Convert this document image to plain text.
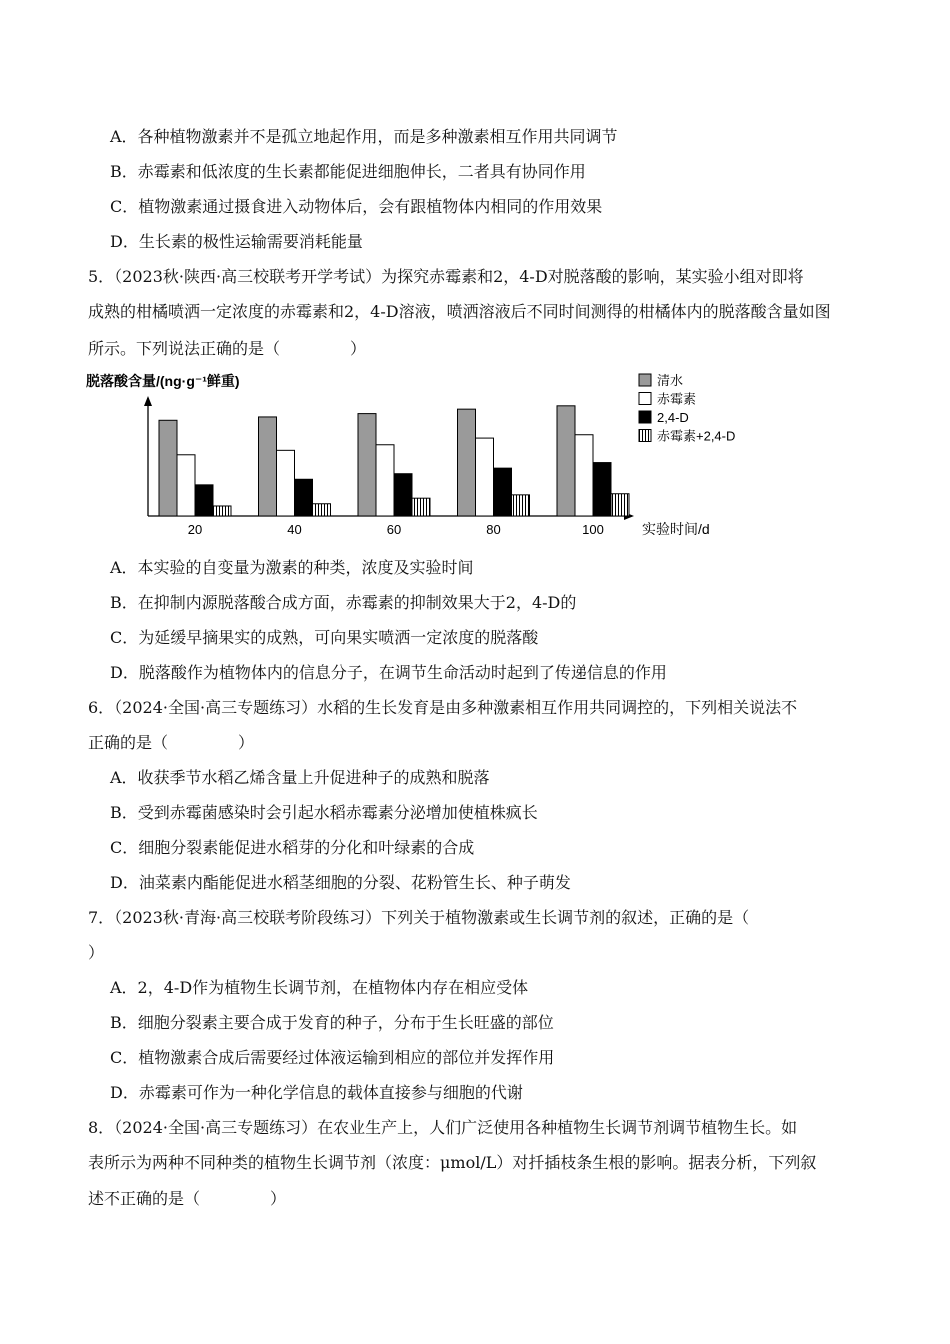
A．各种植物激素并不是孤立地起作用，而是多种激素相互作用共同调节
B．赤霉素和低浓度的生长素都能促进细胞伸长，二者具有协同作用
C．植物激素通过摄食进入动物体后，会有跟植物体内相同的作用效果
D．生长素的极性运输需要消耗能量
5．（2023秋·陕西·高三校联考开学考试）为探究赤霉素和2，4-D对脱落酸的影响，某实验小组对即将
成熟的柑橘喷洒一定浓度的赤霉素和2，4-D溶液，喷洒溶液后不同时间测得的柑橘体内的脱落酸含量如图
所示。下列说法正确的是（	）
20	40	60	80	100
清水
赤霉素
2,4-D
赤霉素+2,4-D
脱落酸含量/(ng·g⁻¹鲜重)
实验时间/d
A．本实验的自变量为激素的种类，浓度及实验时间
B．在抑制内源脱落酸合成方面，赤霉素的抑制效果大于2，4-D的
C．为延缓早摘果实的成熟，可向果实喷洒一定浓度的脱落酸
D．脱落酸作为植物体内的信息分子，在调节生命活动时起到了传递信息的作用
6．（2024·全国·高三专题练习）水稻的生长发育是由多种激素相互作用共同调控的，下列相关说法不
正确的是（	）
A．收获季节水稻乙烯含量上升促进种子的成熟和脱落
B．受到赤霉菌感染时会引起水稻赤霉素分泌增加使植株疯长
C．细胞分裂素能促进水稻芽的分化和叶绿素的合成
D．油菜素内酯能促进水稻茎细胞的分裂、花粉管生长、种子萌发
7．（2023秋·青海·高三校联考阶段练习）下列关于植物激素或生长调节剂的叙述，正确的是（
）
A．2，4-D作为植物生长调节剂，在植物体内存在相应受体
B．细胞分裂素主要合成于发育的种子，分布于生长旺盛的部位
C．植物激素合成后需要经过体液运输到相应的部位并发挥作用
D．赤霉素可作为一种化学信息的载体直接参与细胞的代谢
8．（2024·全国·高三专题练习）在农业生产上，人们广泛使用各种植物生长调节剂调节植物生长。如
表所示为两种不同种类的植物生长调节剂（浓度：μmol/L）对扦插枝条生根的影响。据表分析，下列叙
述不正确的是（	）
